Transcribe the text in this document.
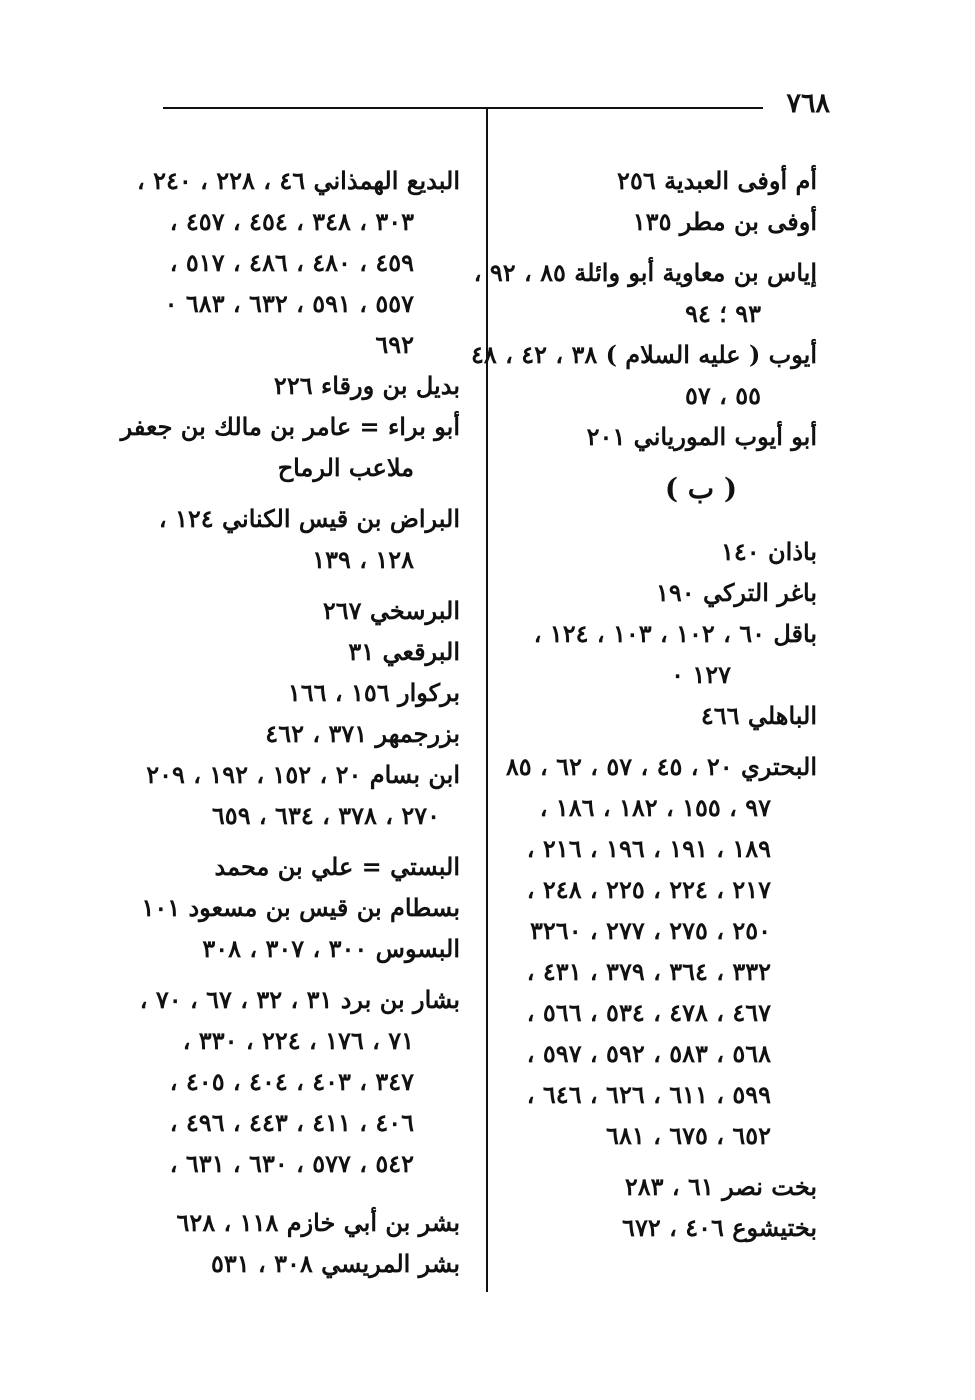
٧٦٨
أم أوفى العبدية ٢٥٦
أوفى بن مطر ١٣٥
إياس بن معاوية أبو وائلة ٨٥ ، ٩٢ ،
٩٣ ؛ ٩٤
أيوب ( عليه السلام ) ٣٨ ، ٤٢ ، ٤٨
٥٥ ، ٥٧
أبو أيوب المورياني ٢٠١
( ب )
باذان ١٤٠
باغر التركي ١٩٠
باقل ٦٠ ، ١٠٢ ، ١٠٣ ، ١٢٤ ،
١٢٧ ٠
الباهلي ٤٦٦
البحتري ٢٠ ، ٤٥ ، ٥٧ ، ٦٢ ، ٨٥
٩٧ ، ١٥٥ ، ١٨٢ ، ١٨٦ ،
١٨٩ ، ١٩١ ، ١٩٦ ، ٢١٦ ،
٢١٧ ، ٢٢٤ ، ٢٢٥ ، ٢٤٨ ،
٢٥٠ ، ٢٧٥ ، ٢٧٧ ، ٣٢٦٠
٣٣٢ ، ٣٦٤ ، ٣٧٩ ، ٤٣١ ،
٤٦٧ ، ٤٧٨ ، ٥٣٤ ، ٥٦٦ ،
٥٦٨ ، ٥٨٣ ، ٥٩٢ ، ٥٩٧ ،
٥٩٩ ، ٦١١ ، ٦٢٦ ، ٦٤٦ ،
٦٥٢ ، ٦٧٥ ، ٦٨١
بخت نصر ٦١ ، ٢٨٣
بختيشوع ٤٠٦ ، ٦٧٢
البديع الهمذاني ٤٦ ، ٢٢٨ ، ٢٤٠ ،
٣٠٣ ، ٣٤٨ ، ٤٥٤ ، ٤٥٧ ،
٤٥٩ ، ٤٨٠ ، ٤٨٦ ، ٥١٧ ،
٥٥٧ ، ٥٩١ ، ٦٣٢ ، ٦٨٣ ٠
٦٩٢
بديل بن ورقاء ٢٢٦
أبو براء = عامر بن مالك بن جعفر
ملاعب الرماح
البراض بن قيس الكناني ١٢٤ ،
١٢٨ ، ١٣٩
البرسخي ٢٦٧
البرقعي ٣١
بركوار ١٥٦ ، ١٦٦
بزرجمهر ٣٧١ ، ٤٦٢
ابن بسام ٢٠ ، ١٥٢ ، ١٩٢ ، ٢٠٩
٢٧٠ ، ٣٧٨ ، ٦٣٤ ، ٦٥٩
البستي = علي بن محمد
بسطام بن قيس بن مسعود ١٠١
البسوس ٣٠٠ ، ٣٠٧ ، ٣٠٨
بشار بن برد ٣١ ، ٣٢ ، ٦٧ ، ٧٠ ،
٧١ ، ١٧٦ ، ٢٢٤ ، ٣٣٠ ،
٣٤٧ ، ٤٠٣ ، ٤٠٤ ، ٤٠٥ ،
٤٠٦ ، ٤١١ ، ٤٤٣ ، ٤٩٦ ،
٥٤٢ ، ٥٧٧ ، ٦٣٠ ، ٦٣١ ،
بشر بن أبي خازم ١١٨ ، ٦٢٨
بشر المريسي ٣٠٨ ، ٥٣١
